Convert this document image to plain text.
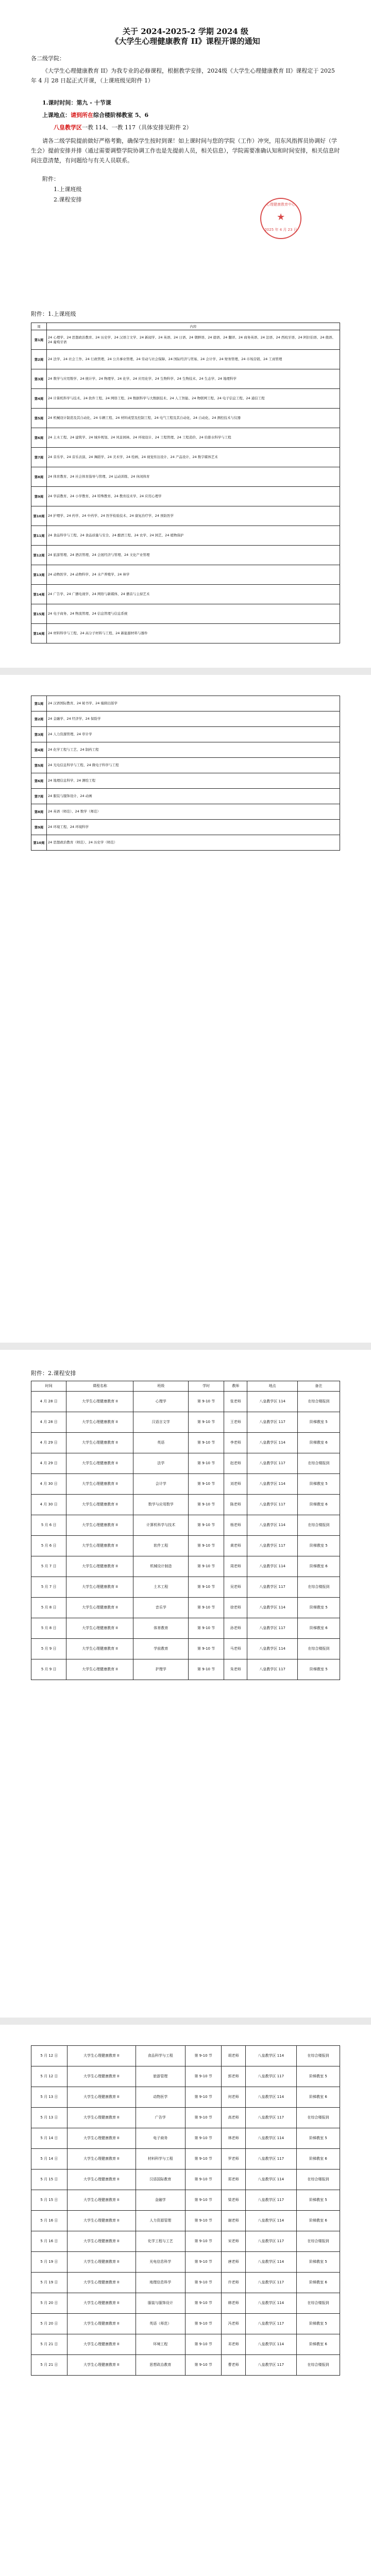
关于 2024-2025-2 学期 2024 级
《大学生心理健康教育 II》课程开课的通知
各二级学院：
《大学生心理健康教育 II》为我专业的必修课程，根据教学安排，2024级《大学生心理健康教育 II》课程定于 2025 年 4 月 28 日起正式开课，（上课班级见附件 1）
1.课时时间：第九 - 十节课
上课地点：请到所在综合楼阶梯教室 5、6
八皇教学区一教 114、一教 117（具体安排见附件 2）
请各二级学院提前做好严格考勤，确保学生按时到课！如上课时间与您的学院（工作）冲突，用东风指挥员协调好（学生会）提前安排并排（通过需要调整学院协调工作也是先提前人员，相关信息），学院需要准确认知和时间安排，相关信息时间注意清楚，有问题给与有关人员联系。
附件：
1.上课班级
2.课程安排
心理健康教育中心
★
2025 年 4 月 23 日
附件：1.上课班级
周	内容
第1周	24 心理学、24 思想政治教育、24 历史学、24 汉语言文学、24 新闻学、24 英语、24 日语、24 朝鲜语、24 德语、24 翻译、24 商务英语、24 法语、24 西班牙语、24 阿拉伯语、24 俄语、24 葡萄牙语
第2周	24 法学、24 社会工作、24 行政管理、24 公共事业管理、24 劳动与社会保障、24 国际经济与贸易、24 会计学、24 财务管理、24 市场营销、24 工商管理
第3周	24 数学与应用数学、24 统计学、24 物理学、24 化学、24 应用化学、24 生物科学、24 生物技术、24 生态学、24 地理科学
第4周	24 计算机科学与技术、24 软件工程、24 网络工程、24 数据科学与大数据技术、24 人工智能、24 物联网工程、24 电子信息工程、24 通信工程
第5周	24 机械设计制造及其自动化、24 车辆工程、24 材料成型及控制工程、24 电气工程及其自动化、24 自动化、24 测控技术与仪器
第6周	24 土木工程、24 建筑学、24 城乡规划、24 风景园林、24 环境设计、24 工程管理、24 工程造价、24 给排水科学与工程
第7周	24 音乐学、24 音乐表演、24 舞蹈学、24 美术学、24 绘画、24 视觉传达设计、24 产品设计、24 数字媒体艺术
第8周	24 体育教育、24 社会体育指导与管理、24 运动训练、24 休闲体育
第9周	24 学前教育、24 小学教育、24 特殊教育、24 教育技术学、24 应用心理学
第10周	24 护理学、24 药学、24 中药学、24 医学检验技术、24 康复治疗学、24 预防医学
第11周	24 食品科学与工程、24 食品质量与安全、24 酿酒工程、24 农学、24 园艺、24 植物保护
第12周	24 旅游管理、24 酒店管理、24 会展经济与管理、24 文化产业管理
第13周	24 动物医学、24 动物科学、24 水产养殖学、24 林学
第14周	24 广告学、24 广播电视学、24 网络与新媒体、24 播音与主持艺术
第15周	24 电子商务、24 物流管理、24 信息管理与信息系统
第16周	24 材料科学与工程、24 高分子材料与工程、24 新能源材料与器件
第1周	24 汉语国际教育、24 秘书学、24 编辑出版学
第2周	24 金融学、24 经济学、24 保险学
第3周	24 人力资源管理、24 审计学
第4周	24 化学工程与工艺、24 制药工程
第5周	24 光电信息科学与工程、24 微电子科学与工程
第6周	24 地理信息科学、24 测绘工程
第7周	24 服装与服饰设计、24 动画
第8周	24 英语（师范）、24 数学（师范）
第9周	24 环境工程、24 环境科学
第10周	24 思想政治教育（师范）、24 历史学（师范）
附件：2.课程安排
时间	课程名称	班级	学时	教师	地点	备注
4 月 28 日	大学生心理健康教育 II	心理学	第 9-10 节	张老师	八皇教学区 114	在综合楼报到
4 月 28 日	大学生心理健康教育 II	汉语言文学	第 9-10 节	王老师	八皇教学区 117	阶梯教室 5
4 月 29 日	大学生心理健康教育 II	英语	第 9-10 节	李老师	八皇教学区 114	阶梯教室 6
4 月 29 日	大学生心理健康教育 II	法学	第 9-10 节	赵老师	八皇教学区 117	在综合楼报到
4 月 30 日	大学生心理健康教育 II	会计学	第 9-10 节	刘老师	八皇教学区 114	阶梯教室 5
4 月 30 日	大学生心理健康教育 II	数学与应用数学	第 9-10 节	陈老师	八皇教学区 117	阶梯教室 6
5 月 6 日	大学生心理健康教育 II	计算机科学与技术	第 9-10 节	杨老师	八皇教学区 114	在综合楼报到
5 月 6 日	大学生心理健康教育 II	软件工程	第 9-10 节	黄老师	八皇教学区 117	阶梯教室 5
5 月 7 日	大学生心理健康教育 II	机械设计制造	第 9-10 节	周老师	八皇教学区 114	阶梯教室 6
5 月 7 日	大学生心理健康教育 II	土木工程	第 9-10 节	吴老师	八皇教学区 117	在综合楼报到
5 月 8 日	大学生心理健康教育 II	音乐学	第 9-10 节	徐老师	八皇教学区 114	阶梯教室 5
5 月 8 日	大学生心理健康教育 II	体育教育	第 9-10 节	孙老师	八皇教学区 117	阶梯教室 6
5 月 9 日	大学生心理健康教育 II	学前教育	第 9-10 节	马老师	八皇教学区 114	在综合楼报到
5 月 9 日	大学生心理健康教育 II	护理学	第 9-10 节	朱老师	八皇教学区 117	阶梯教室 5
5 月 12 日	大学生心理健康教育 II	食品科学与工程	第 9-10 节	胡老师	八皇教学区 114	在综合楼报到
5 月 12 日	大学生心理健康教育 II	旅游管理	第 9-10 节	郭老师	八皇教学区 117	阶梯教室 5
5 月 13 日	大学生心理健康教育 II	动物医学	第 9-10 节	何老师	八皇教学区 114	阶梯教室 6
5 月 13 日	大学生心理健康教育 II	广告学	第 9-10 节	高老师	八皇教学区 117	在综合楼报到
5 月 14 日	大学生心理健康教育 II	电子商务	第 9-10 节	林老师	八皇教学区 114	阶梯教室 5
5 月 14 日	大学生心理健康教育 II	材料科学与工程	第 9-10 节	罗老师	八皇教学区 117	阶梯教室 6
5 月 15 日	大学生心理健康教育 II	汉语国际教育	第 9-10 节	郑老师	八皇教学区 114	在综合楼报到
5 月 15 日	大学生心理健康教育 II	金融学	第 9-10 节	梁老师	八皇教学区 117	阶梯教室 5
5 月 16 日	大学生心理健康教育 II	人力资源管理	第 9-10 节	谢老师	八皇教学区 114	阶梯教室 6
5 月 16 日	大学生心理健康教育 II	化学工程与工艺	第 9-10 节	宋老师	八皇教学区 117	在综合楼报到
5 月 19 日	大学生心理健康教育 II	光电信息科学	第 9-10 节	唐老师	八皇教学区 114	阶梯教室 5
5 月 19 日	大学生心理健康教育 II	地理信息科学	第 9-10 节	许老师	八皇教学区 117	阶梯教室 6
5 月 20 日	大学生心理健康教育 II	服装与服饰设计	第 9-10 节	韩老师	八皇教学区 114	在综合楼报到
5 月 20 日	大学生心理健康教育 II	英语（师范）	第 9-10 节	冯老师	八皇教学区 117	阶梯教室 5
5 月 21 日	大学生心理健康教育 II	环境工程	第 9-10 节	邓老师	八皇教学区 114	阶梯教室 6
5 月 21 日	大学生心理健康教育 II	思想政治教育	第 9-10 节	曹老师	八皇教学区 117	在综合楼报到
